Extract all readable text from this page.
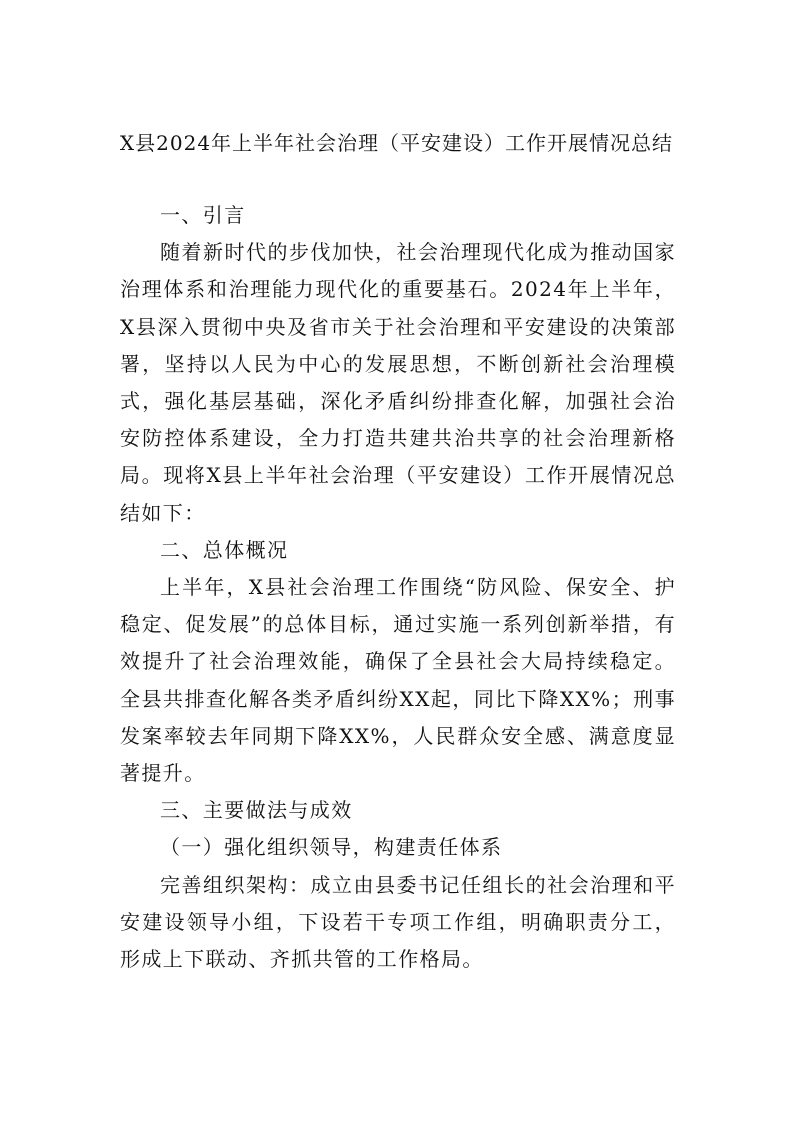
X县2024年上半年社会治理（平安建设）工作开展情况总结

一、引言

随着新时代的步伐加快，社会治理现代化成为推动国家治理体系和治理能力现代化的重要基石。2024年上半年，X县深入贯彻中央及省市关于社会治理和平安建设的决策部署，坚持以人民为中心的发展思想，不断创新社会治理模式，强化基层基础，深化矛盾纠纷排查化解，加强社会治安防控体系建设，全力打造共建共治共享的社会治理新格局。现将X县上半年社会治理（平安建设）工作开展情况总结如下：

二、总体概况

上半年，X县社会治理工作围绕“防风险、保安全、护稳定、促发展”的总体目标，通过实施一系列创新举措，有效提升了社会治理效能，确保了全县社会大局持续稳定。全县共排查化解各类矛盾纠纷XX起，同比下降XX%；刑事发案率较去年同期下降XX%，人民群众安全感、满意度显著提升。

三、主要做法与成效

（一）强化组织领导，构建责任体系

完善组织架构：成立由县委书记任组长的社会治理和平安建设领导小组，下设若干专项工作组，明确职责分工，形成上下联动、齐抓共管的工作格局。
